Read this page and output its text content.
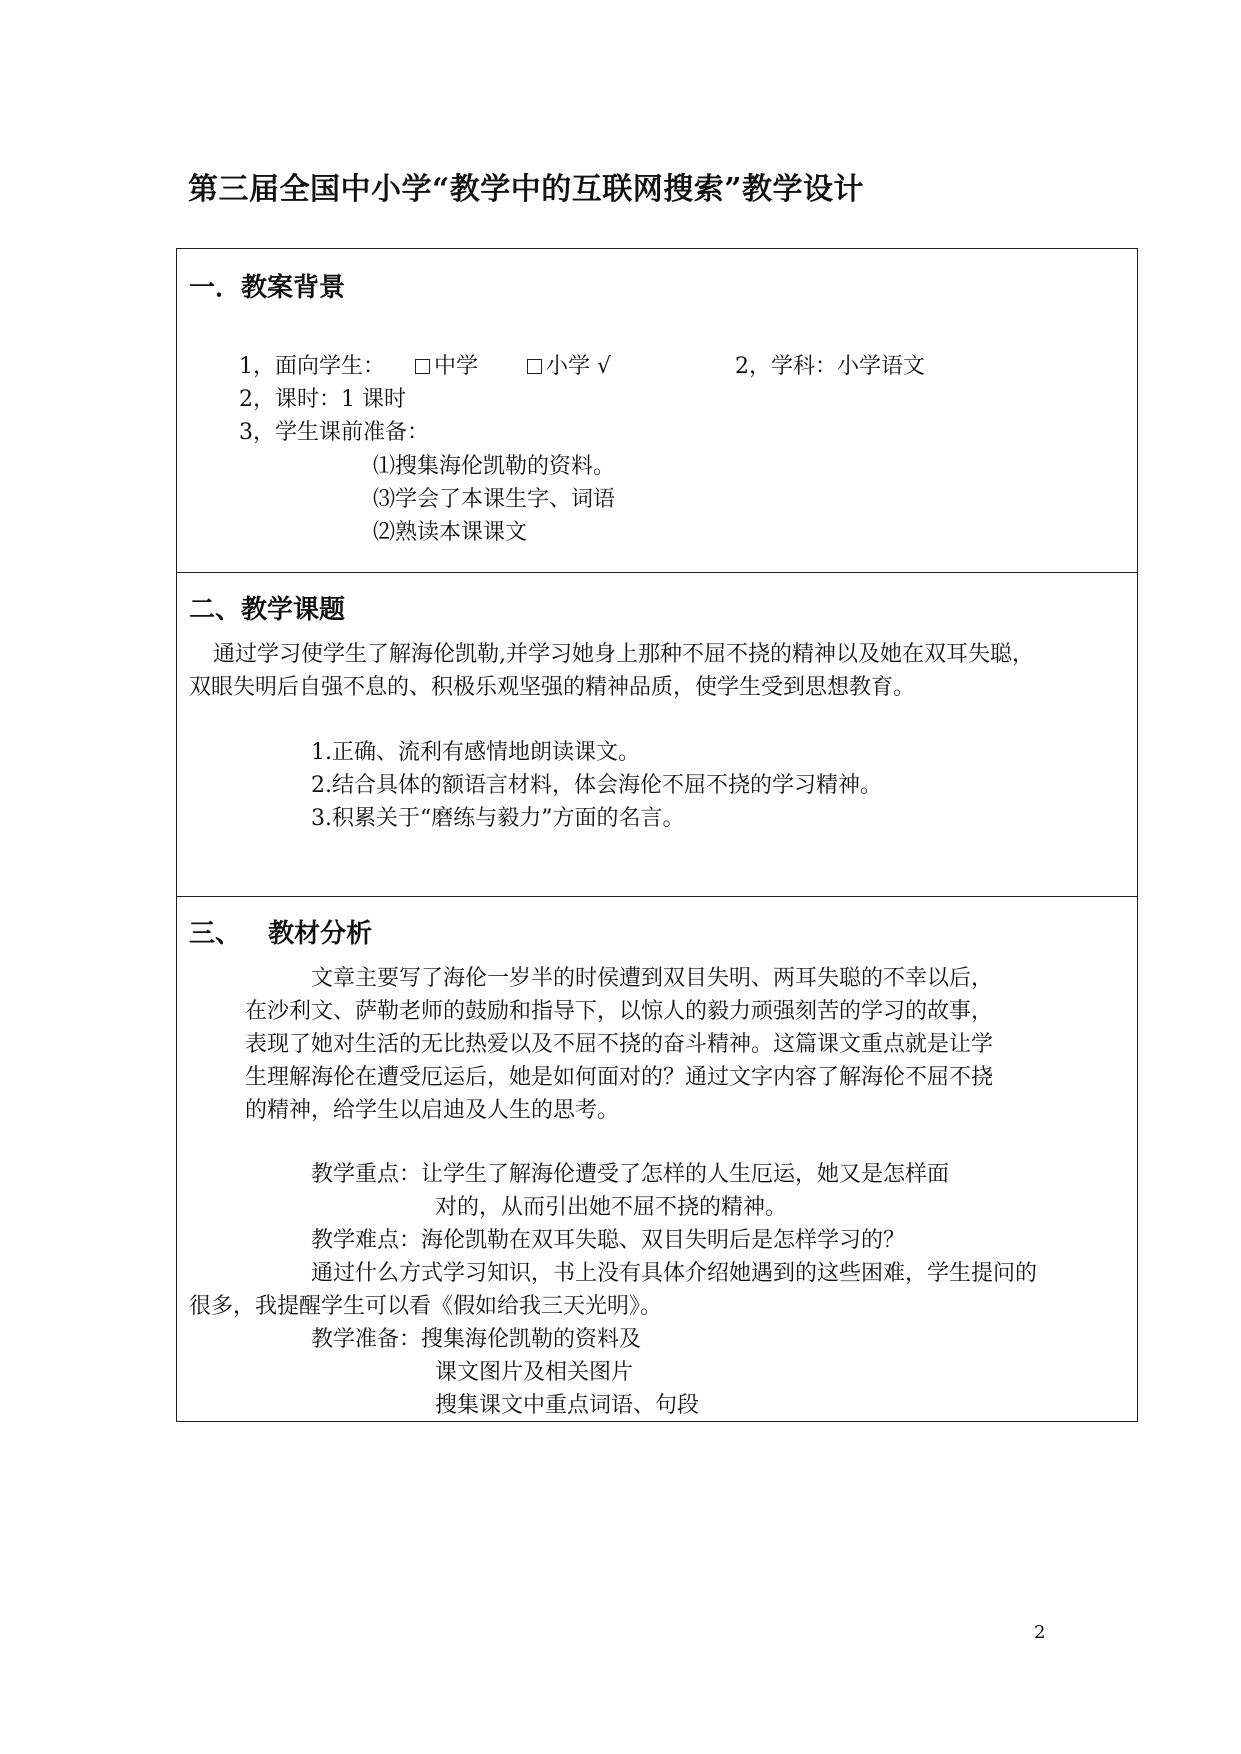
第三届全国中小学“教学中的互联网搜索”教学设计
一．教案背景
1，面向学生：	中学	小学 √	2，学科：小学语文
2，课时：1 课时
3，学生课前准备：
⑴搜集海伦凯勒的资料。
⑶学会了本课生字、词语
⑵熟读本课课文
二、教学课题
通过学习使学生了解海伦凯勒,并学习她身上那种不屈不挠的精神以及她在双耳失聪，
双眼失明后自强不息的、积极乐观坚强的精神品质，使学生受到思想教育。
1.正确、流利有感情地朗读课文。
2.结合具体的额语言材料，体会海伦不屈不挠的学习精神。
3.积累关于“磨练与毅力”方面的名言。
三、   教材分析
文章主要写了海伦一岁半的时侯遭到双目失明、两耳失聪的不幸以后，
在沙利文、萨勒老师的鼓励和指导下，以惊人的毅力顽强刻苦的学习的故事，
表现了她对生活的无比热爱以及不屈不挠的奋斗精神。这篇课文重点就是让学
生理解海伦在遭受厄运后，她是如何面对的？通过文字内容了解海伦不屈不挠
的精神，给学生以启迪及人生的思考。
教学重点：让学生了解海伦遭受了怎样的人生厄运，她又是怎样面
对的，从而引出她不屈不挠的精神。
教学难点：海伦凯勒在双耳失聪、双目失明后是怎样学习的？
通过什么方式学习知识，书上没有具体介绍她遇到的这些困难，学生提问的
很多，我提醒学生可以看《假如给我三天光明》。
教学准备：搜集海伦凯勒的资料及
课文图片及相关图片
搜集课文中重点词语、句段
2
